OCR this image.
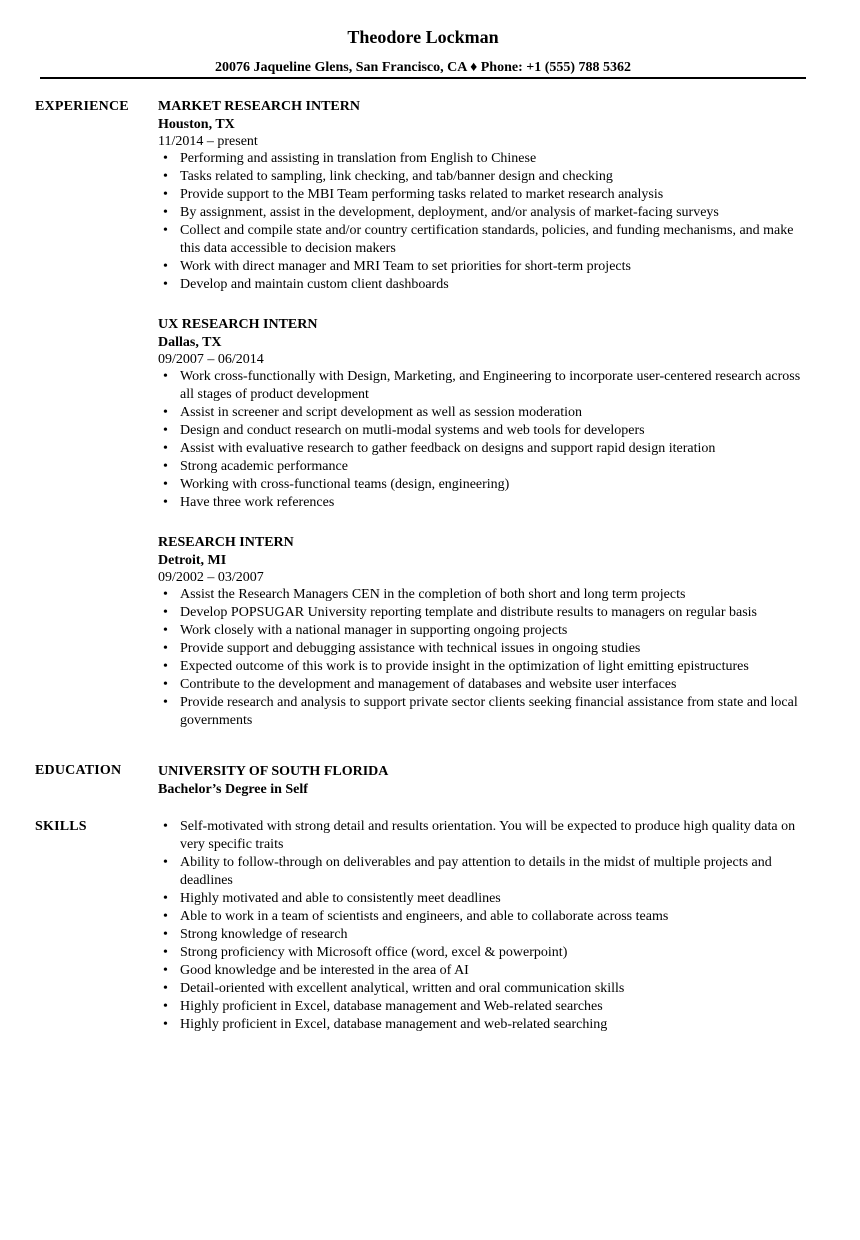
Theodore Lockman
20076 Jaqueline Glens, San Francisco, CA ♦ Phone: +1 (555) 788 5362
EXPERIENCE MARKET RESEARCH INTERN
Houston, TX
11/2014 – present
• Performing and assisting in translation from English to Chinese
• Tasks related to sampling, link checking, and tab/banner design and checking
• Provide support to the MBI Team performing tasks related to market research analysis
• By assignment, assist in the development, deployment, and/or analysis of market-facing surveys
• Collect and compile state and/or country certification standards, policies, and funding mechanisms, and make this data accessible to decision makers
• Work with direct manager and MRI Team to set priorities for short-term projects
• Develop and maintain custom client dashboards
UX RESEARCH INTERN
Dallas, TX
09/2007 – 06/2014
• Work cross-functionally with Design, Marketing, and Engineering to incorporate user-centered research across all stages of product development
• Assist in screener and script development as well as session moderation
• Design and conduct research on mutli-modal systems and web tools for developers
• Assist with evaluative research to gather feedback on designs and support rapid design iteration
• Strong academic performance
• Working with cross-functional teams (design, engineering)
• Have three work references
RESEARCH INTERN
Detroit, MI
09/2002 – 03/2007
• Assist the Research Managers CEN in the completion of both short and long term projects
• Develop POPSUGAR University reporting template and distribute results to managers on regular basis
• Work closely with a national manager in supporting ongoing projects
• Provide support and debugging assistance with technical issues in ongoing studies
• Expected outcome of this work is to provide insight in the optimization of light emitting epistructures
• Contribute to the development and management of databases and website user interfaces
• Provide research and analysis to support private sector clients seeking financial assistance from state and local governments
EDUCATION	UNIVERSITY OF SOUTH FLORIDA
Bachelor’s Degree in Self
SKILLS	• Self-motivated with strong detail and results orientation. You will be expected to produce high quality data on very specific traits
• Ability to follow-through on deliverables and pay attention to details in the midst of multiple projects and deadlines
• Highly motivated and able to consistently meet deadlines
• Able to work in a team of scientists and engineers, and able to collaborate across teams
• Strong knowledge of research
• Strong proficiency with Microsoft office (word, excel & powerpoint)
• Good knowledge and be interested in the area of AI
• Detail-oriented with excellent analytical, written and oral communication skills
• Highly proficient in Excel, database management and Web-related searches
• Highly proficient in Excel, database management and web-related searching
